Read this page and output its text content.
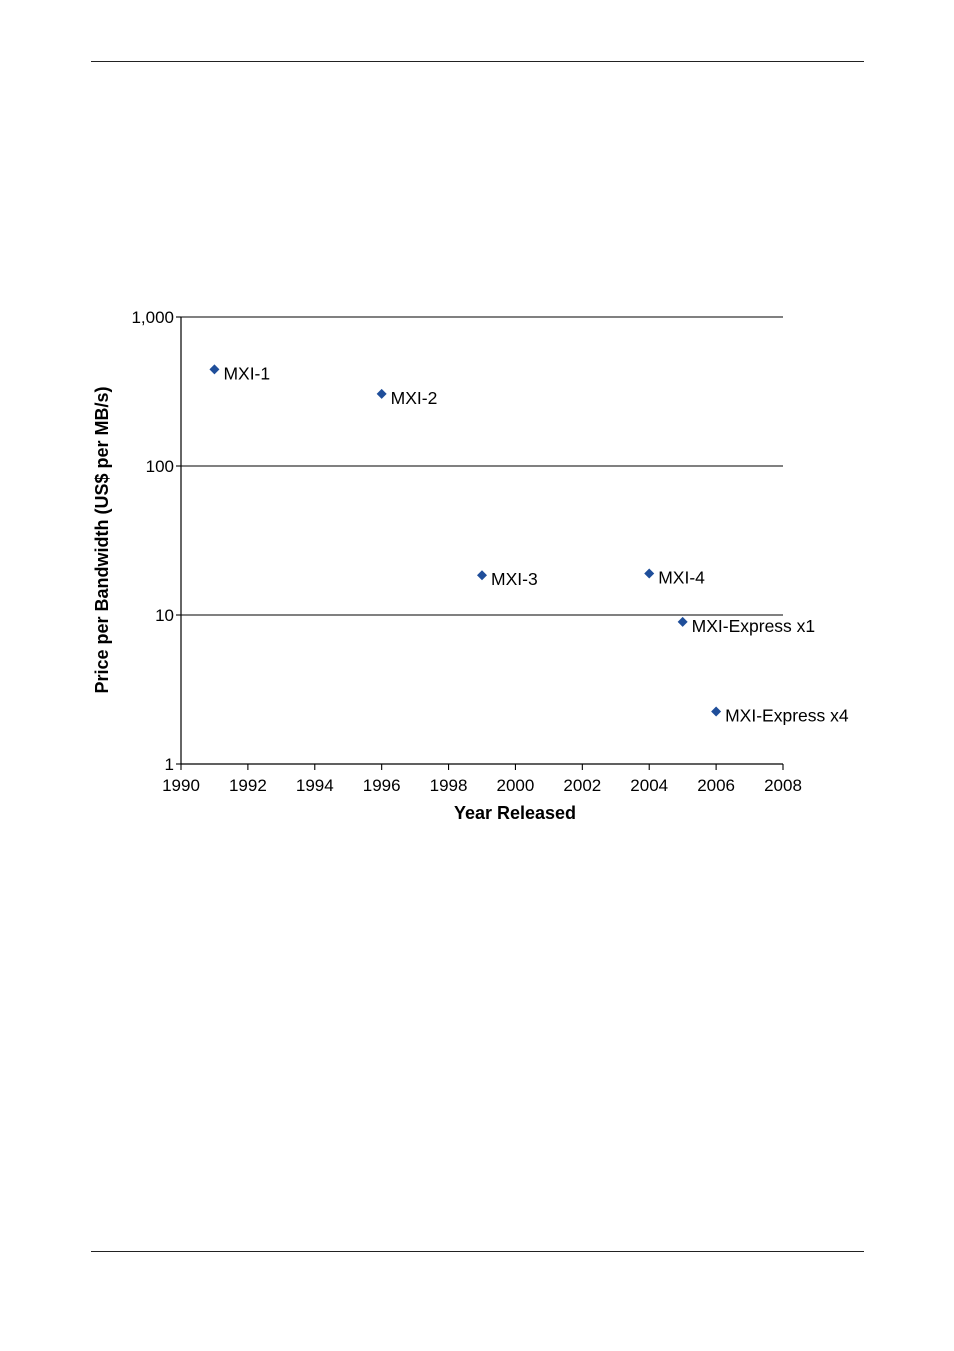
1990 1992 1994 1996 1998 2000 2002 2004 2006 2008
1
10
100
1,000
MXI-1
MXI-2
MXI-3	MXI-4
MXI-Express x1
MXI-Express x4
Year Released
Price per Bandwidth (US$ per MB/s)
